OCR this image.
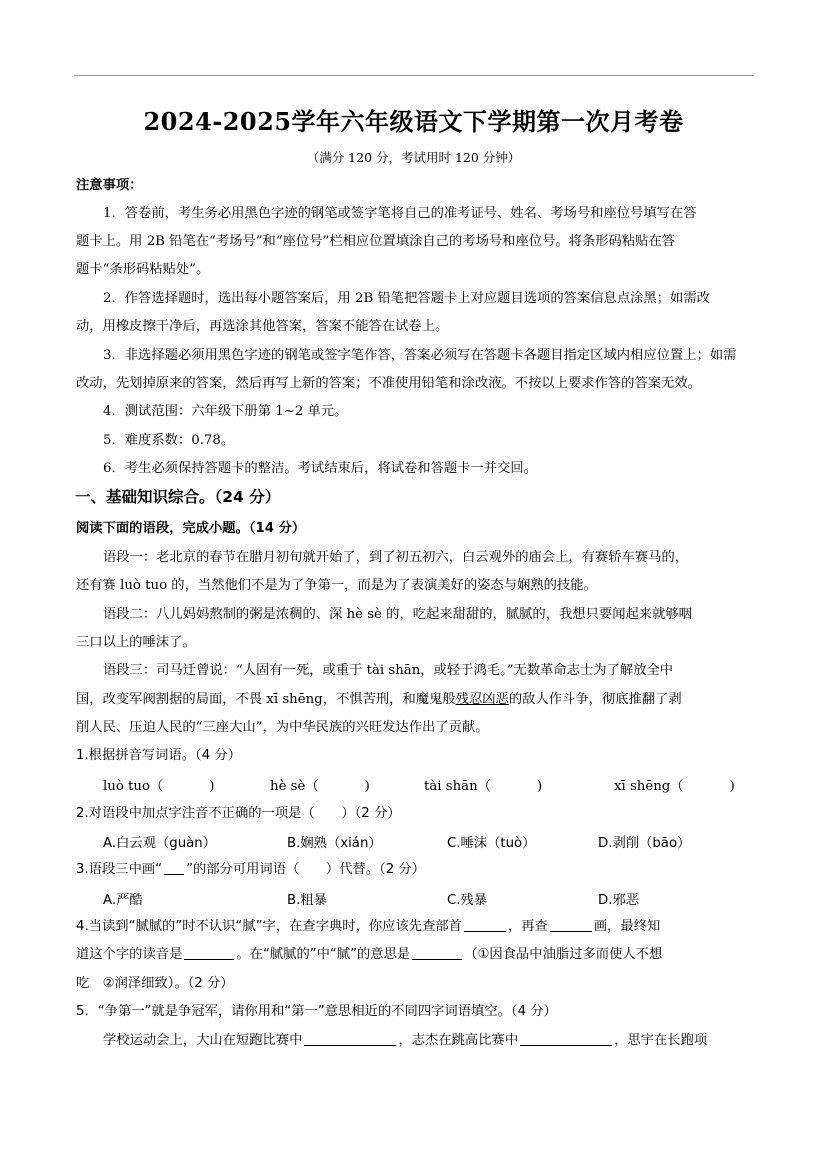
2024-2025学年六年级语文下学期第一次月考卷
（满分 120 分，考试用时 120 分钟）
注意事项：
1．答卷前，考生务必用黑色字迹的钢笔或签字笔将自己的准考证号、姓名、考场号和座位号填写在答
题卡上。用 2B 铅笔在“考场号”和“座位号”栏相应位置填涂自己的考场号和座位号。将条形码粘贴在答
题卡“条形码粘贴处”。
2．作答选择题时，选出每小题答案后，用 2B 铅笔把答题卡上对应题目选项的答案信息点涂黑；如需改
动，用橡皮擦干净后，再选涂其他答案，答案不能答在试卷上。
3．非选择题必须用黑色字迹的钢笔或签字笔作答，答案必须写在答题卡各题目指定区域内相应位置上；如需
改动，先划掉原来的答案，然后再写上新的答案；不准使用铅笔和涂改液。不按以上要求作答的答案无效。
4．测试范围：六年级下册第 1~2 单元。
5．难度系数：0.78。
6．考生必须保持答题卡的整洁。考试结束后，将试卷和答题卡一并交回。
一、基础知识综合。（24 分）
阅读下面的语段，完成小题。（14 分）
语段一：老北京的春节在腊月初旬就开始了，到了初五初六，白云观外的庙会上，有赛轿车赛马的，
还有赛 luò tuo 的，当然他们不是为了争第一，而是为了表演美好的姿态与娴熟的技能。
语段二：八儿妈妈熬制的粥是浓稠的、深 hè sè 的，吃起来甜甜的，腻腻的，我想只要闻起来就够咽
三口以上的唾沫了。
语段三：司马迁曾说：“人固有一死，或重于 tài shān，或轻于鸿毛。”无数革命志士为了解放全中
国，改变军阀割据的局面，不畏 xī shēng，不惧苦刑，和魔鬼般残忍凶恶的敌人作斗争，彻底推翻了剥
削人民、压迫人民的“三座大山”，为中华民族的兴旺发达作出了贡献。
1.根据拼音写词语。（4 分）
luò tuo（	)	hè sè（	)	tài shān（	)	xī shēng（	)
2.对语段中加点字注音不正确的一项是（　　）（2 分）
A.白云观（guàn）	B.娴熟（xián）	C.唾沫（tuò）	D.剥削（bāo）
3.语段三中画“ ”的部分可用词语（　　）代替。（2 分）
A.严酷	B.粗暴	C.残暴	D.邪恶
4.当读到“腻腻的”时不认识“腻”字，在查字典时，你应该先查部首	，再查	画，最终知
道这个字的读音是	。在“腻腻的”中“腻”的意思是	（①因食品中油脂过多而使人不想
吃　②润泽细致）。（2 分）
5．“争第一”就是争冠军，请你用和“第一”意思相近的不同四字词语填空。（4 分）
学校运动会上，大山在短跑比赛中	，志杰在跳高比赛中	，思宇在长跑项
